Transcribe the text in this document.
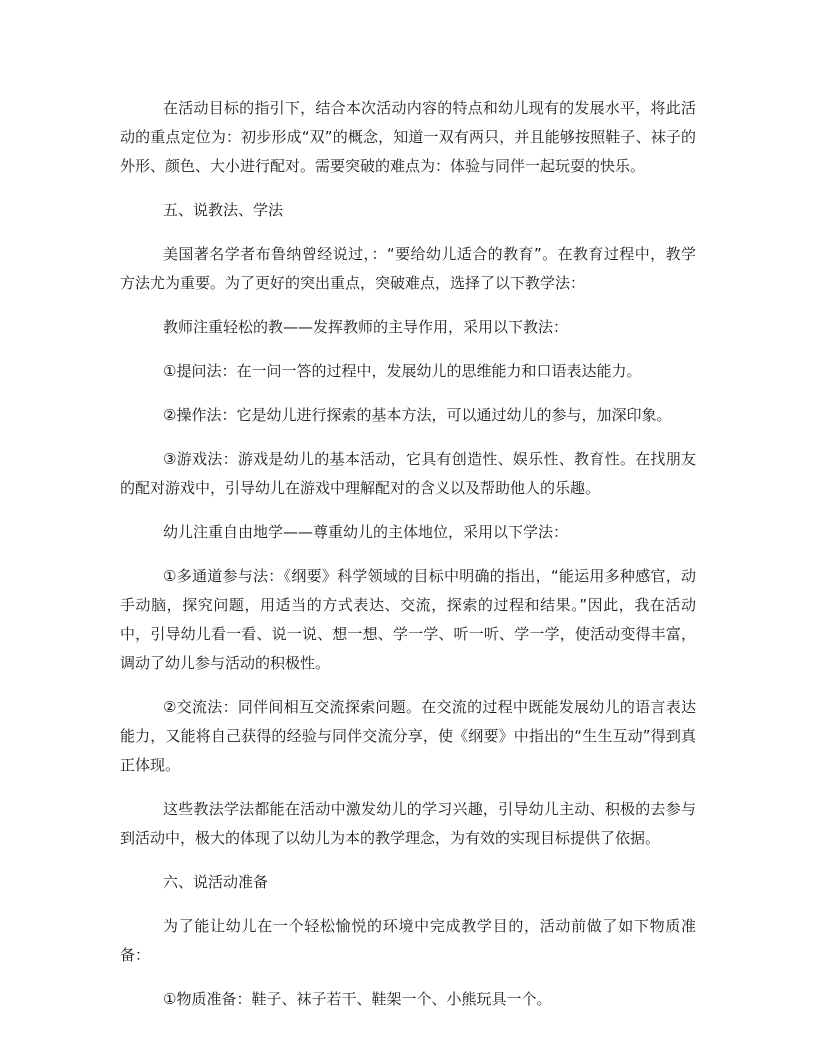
在活动目标的指引下，结合本次活动内容的特点和幼儿现有的发展水平，将此活动的重点定位为：初步形成“双”的概念，知道一双有两只，并且能够按照鞋子、袜子的外形、颜色、大小进行配对。需要突破的难点为：体验与同伴一起玩耍的快乐。

五、说教法、学法

美国著名学者布鲁纳曾经说过，：“要给幼儿适合的教育”。在教育过程中，教学方法尤为重要。为了更好的突出重点，突破难点，选择了以下教学法：

教师注重轻松的教——发挥教师的主导作用，采用以下教法：

①提问法：在一问一答的过程中，发展幼儿的思维能力和口语表达能力。

②操作法：它是幼儿进行探索的基本方法，可以通过幼儿的参与，加深印象。

③游戏法：游戏是幼儿的基本活动，它具有创造性、娱乐性、教育性。在找朋友的配对游戏中，引导幼儿在游戏中理解配对的含义以及帮助他人的乐趣。

幼儿注重自由地学——尊重幼儿的主体地位，采用以下学法：

①多通道参与法：《纲要》科学领域的目标中明确的指出，“能运用多种感官，动手动脑，探究问题，用适当的方式表达、交流，探索的过程和结果。”因此，我在活动中，引导幼儿看一看、说一说、想一想、学一学、听一听、学一学，使活动变得丰富，调动了幼儿参与活动的积极性。

②交流法：同伴间相互交流探索问题。在交流的过程中既能发展幼儿的语言表达能力，又能将自己获得的经验与同伴交流分享，使《纲要》中指出的“生生互动”得到真正体现。

这些教法学法都能在活动中激发幼儿的学习兴趣，引导幼儿主动、积极的去参与到活动中，极大的体现了以幼儿为本的教学理念，为有效的实现目标提供了依据。

六、说活动准备

为了能让幼儿在一个轻松愉悦的环境中完成教学目的，活动前做了如下物质准备：

①物质准备：鞋子、袜子若干、鞋架一个、小熊玩具一个。
